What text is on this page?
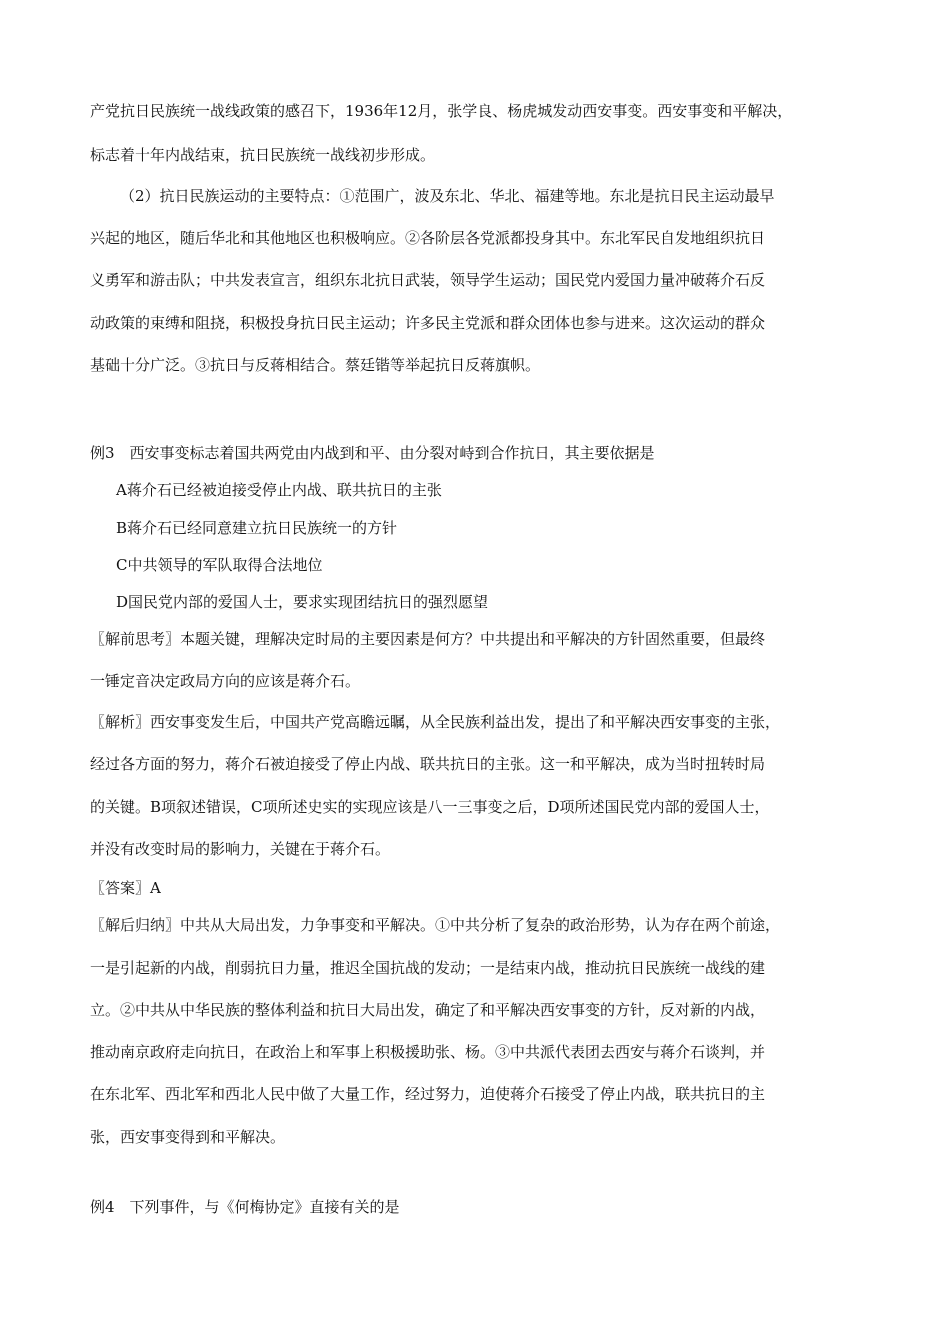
产党抗日民族统一战线政策的感召下，1936年12月，张学良、杨虎城发动西安事变。西安事变和平解决，
标志着十年内战结束，抗日民族统一战线初步形成。
（2）抗日民族运动的主要特点：①范围广，波及东北、华北、福建等地。东北是抗日民主运动最早
兴起的地区，随后华北和其他地区也积极响应。②各阶层各党派都投身其中。东北军民自发地组织抗日
义勇军和游击队；中共发表宣言，组织东北抗日武装，领导学生运动；国民党内爱国力量冲破蒋介石反
动政策的束缚和阻挠，积极投身抗日民主运动；许多民主党派和群众团体也参与进来。这次运动的群众
基础十分广泛。③抗日与反蒋相结合。蔡廷锴等举起抗日反蒋旗帜。
例3　西安事变标志着国共两党由内战到和平、由分裂对峙到合作抗日，其主要依据是
A蒋介石已经被迫接受停止内战、联共抗日的主张
B蒋介石已经同意建立抗日民族统一的方针
C中共领导的军队取得合法地位
D国民党内部的爱国人士，要求实现团结抗日的强烈愿望
〖解前思考〗本题关键，理解决定时局的主要因素是何方？中共提出和平解决的方针固然重要，但最终
一锤定音决定政局方向的应该是蒋介石。
〖解析〗西安事变发生后，中国共产党高瞻远瞩，从全民族利益出发，提出了和平解决西安事变的主张，
经过各方面的努力，蒋介石被迫接受了停止内战、联共抗日的主张。这一和平解决，成为当时扭转时局
的关键。B项叙述错误，C项所述史实的实现应该是八一三事变之后，D项所述国民党内部的爱国人士，
并没有改变时局的影响力，关键在于蒋介石。
〖答案〗A
〖解后归纳〗中共从大局出发，力争事变和平解决。①中共分析了复杂的政治形势，认为存在两个前途，
一是引起新的内战，削弱抗日力量，推迟全国抗战的发动；一是结束内战，推动抗日民族统一战线的建
立。②中共从中华民族的整体利益和抗日大局出发，确定了和平解决西安事变的方针，反对新的内战，
推动南京政府走向抗日，在政治上和军事上积极援助张、杨。③中共派代表团去西安与蒋介石谈判，并
在东北军、西北军和西北人民中做了大量工作，经过努力，迫使蒋介石接受了停止内战，联共抗日的主
张，西安事变得到和平解决。
例4　下列事件，与《何梅协定》直接有关的是
